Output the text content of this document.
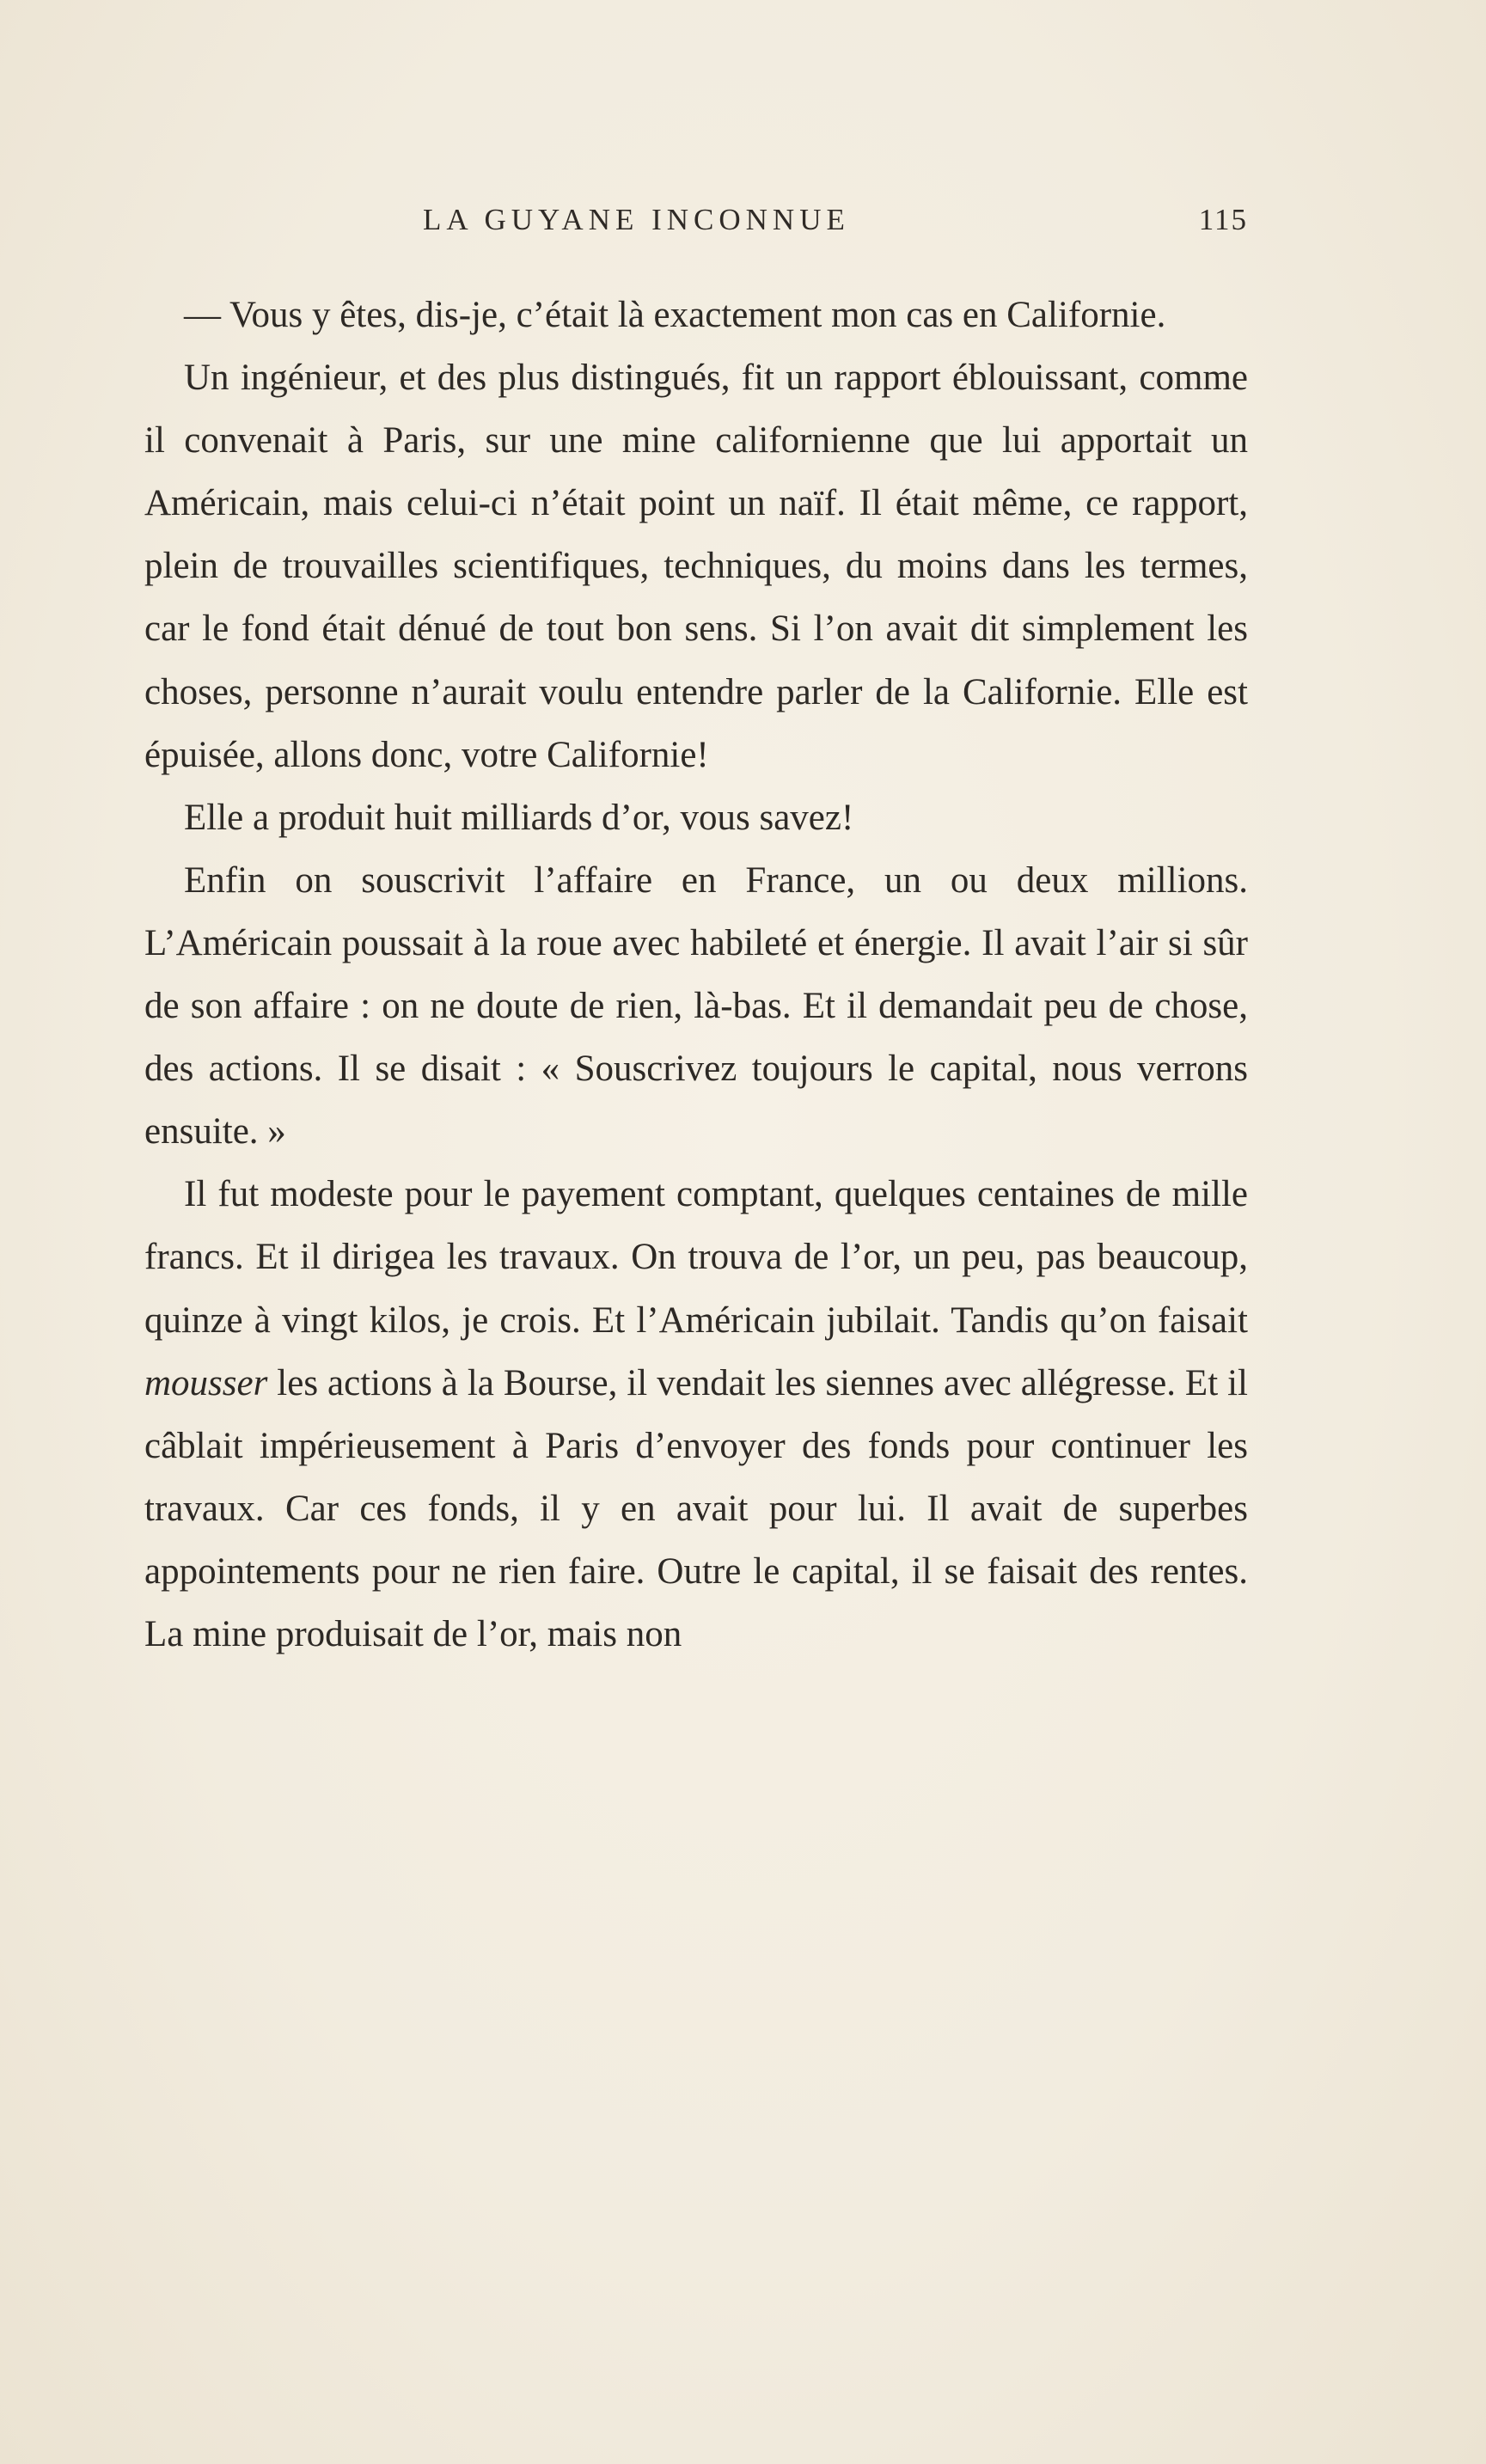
LA GUYANE INCONNUE	115

— Vous y êtes, dis-je, c’était là exactement mon cas en Californie.

Un ingénieur, et des plus distingués, fit un rapport éblouissant, comme il convenait à Paris, sur une mine californienne que lui apportait un Américain, mais celui-ci n’était point un naïf. Il était même, ce rapport, plein de trouvailles scientifiques, techniques, du moins dans les termes, car le fond était dénué de tout bon sens. Si l’on avait dit simplement les choses, personne n’aurait voulu entendre parler de la Californie. Elle est épuisée, allons donc, votre Californie!

Elle a produit huit milliards d’or, vous savez!

Enfin on souscrivit l’affaire en France, un ou deux millions. L’Américain poussait à la roue avec habileté et énergie. Il avait l’air si sûr de son affaire : on ne doute de rien, là-bas. Et il demandait peu de chose, des actions. Il se disait : « Souscrivez toujours le capital, nous verrons ensuite. »

Il fut modeste pour le payement comptant, quelques centaines de mille francs. Et il dirigea les travaux. On trouva de l’or, un peu, pas beaucoup, quinze à vingt kilos, je crois. Et l’Américain jubilait. Tandis qu’on faisait mousser les actions à la Bourse, il vendait les siennes avec allégresse. Et il câblait impérieusement à Paris d’envoyer des fonds pour continuer les travaux. Car ces fonds, il y en avait pour lui. Il avait de superbes appointements pour ne rien faire. Outre le capital, il se faisait des rentes. La mine produisait de l’or, mais non
